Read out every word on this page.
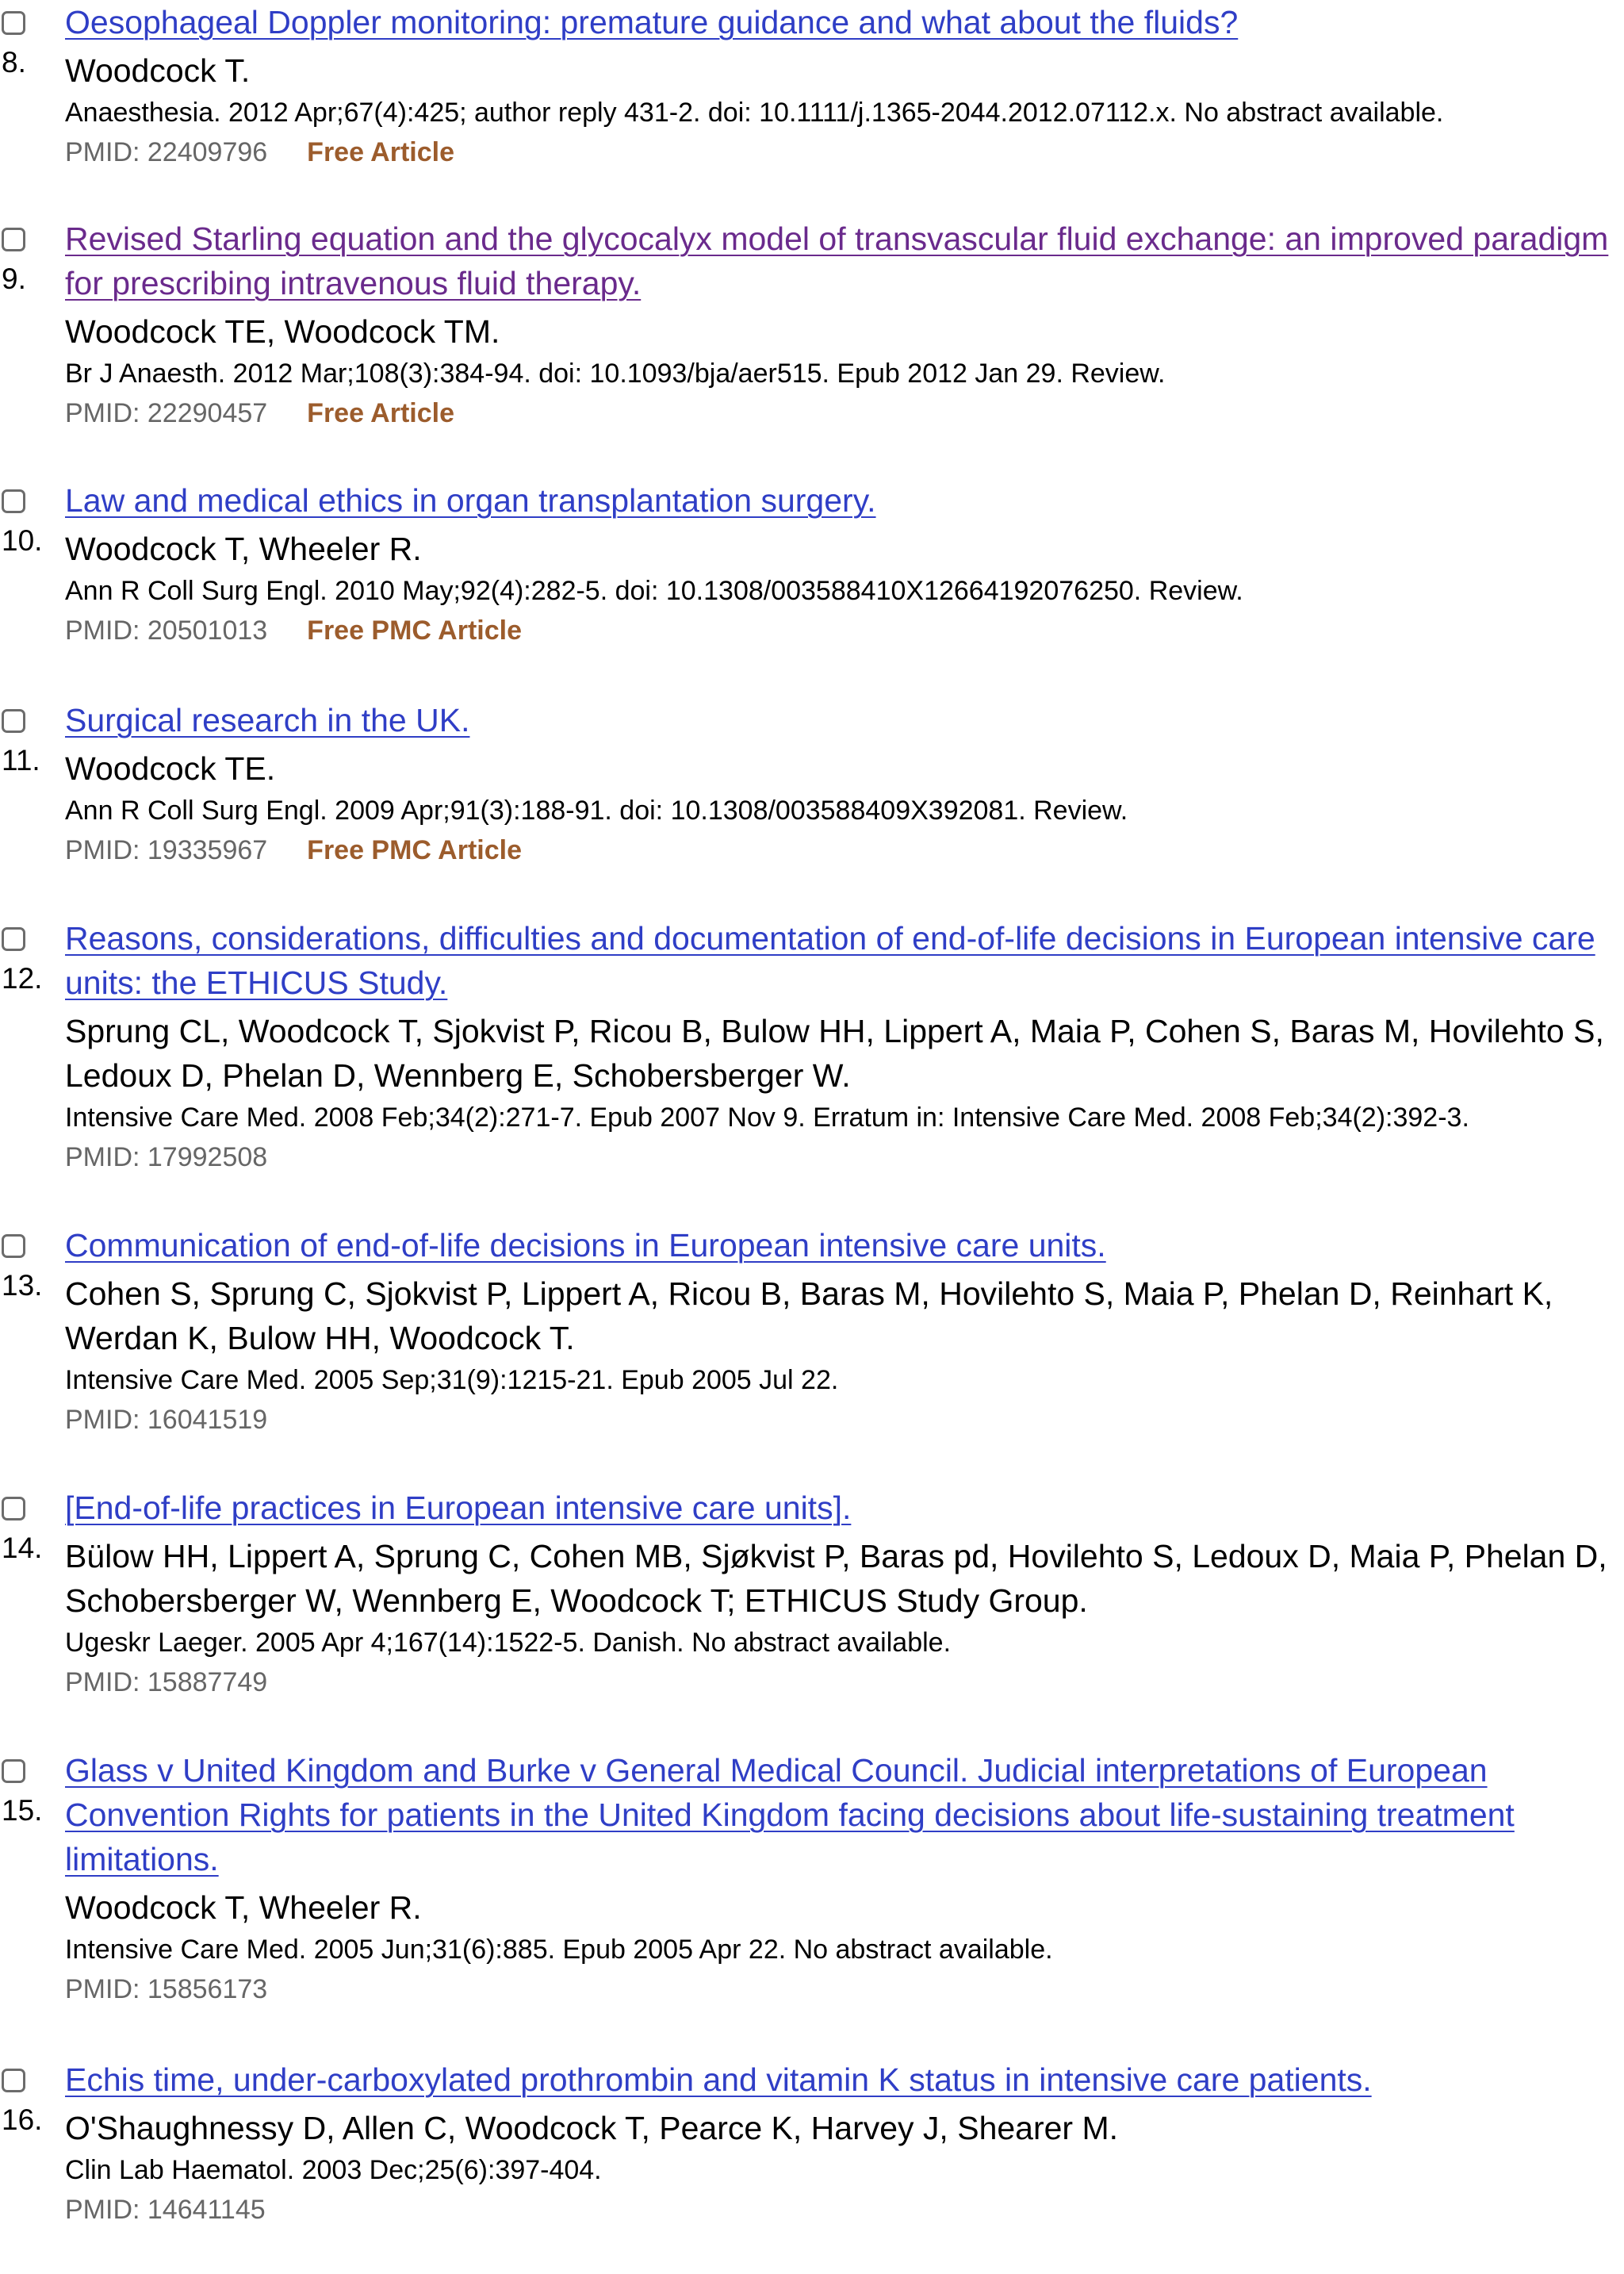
8.
Oesophageal Doppler monitoring: premature guidance and what about the fluids?
Woodcock T.
Anaesthesia. 2012 Apr;67(4):425; author reply 431-2. doi: 10.1111/j.1365-2044.2012.07112.x. No abstract available.
PMID: 22409796 Free Article
9.
Revised Starling equation and the glycocalyx model of transvascular fluid exchange: an improved paradigm for prescribing intravenous fluid therapy.
Woodcock TE, Woodcock TM.
Br J Anaesth. 2012 Mar;108(3):384-94. doi: 10.1093/bja/aer515. Epub 2012 Jan 29. Review.
PMID: 22290457 Free Article
10.
Law and medical ethics in organ transplantation surgery.
Woodcock T, Wheeler R.
Ann R Coll Surg Engl. 2010 May;92(4):282-5. doi: 10.1308/003588410X12664192076250. Review.
PMID: 20501013 Free PMC Article
11.
Surgical research in the UK.
Woodcock TE.
Ann R Coll Surg Engl. 2009 Apr;91(3):188-91. doi: 10.1308/003588409X392081. Review.
PMID: 19335967 Free PMC Article
12.
Reasons, considerations, difficulties and documentation of end-of-life decisions in European intensive care units: the ETHICUS Study.
Sprung CL, Woodcock T, Sjokvist P, Ricou B, Bulow HH, Lippert A, Maia P, Cohen S, Baras M, Hovilehto S, Ledoux D, Phelan D, Wennberg E, Schobersberger W.
Intensive Care Med. 2008 Feb;34(2):271-7. Epub 2007 Nov 9. Erratum in: Intensive Care Med. 2008 Feb;34(2):392-3.
PMID: 17992508
13.
Communication of end-of-life decisions in European intensive care units.
Cohen S, Sprung C, Sjokvist P, Lippert A, Ricou B, Baras M, Hovilehto S, Maia P, Phelan D, Reinhart K, Werdan K, Bulow HH, Woodcock T.
Intensive Care Med. 2005 Sep;31(9):1215-21. Epub 2005 Jul 22.
PMID: 16041519
14.
[End-of-life practices in European intensive care units].
Bülow HH, Lippert A, Sprung C, Cohen MB, Sjøkvist P, Baras pd, Hovilehto S, Ledoux D, Maia P, Phelan D, Schobersberger W, Wennberg E, Woodcock T; ETHICUS Study Group.
Ugeskr Laeger. 2005 Apr 4;167(14):1522-5. Danish. No abstract available.
PMID: 15887749
15.
Glass v United Kingdom and Burke v General Medical Council. Judicial interpretations of European Convention Rights for patients in the United Kingdom facing decisions about life-sustaining treatment limitations.
Woodcock T, Wheeler R.
Intensive Care Med. 2005 Jun;31(6):885. Epub 2005 Apr 22. No abstract available.
PMID: 15856173
16.
Echis time, under-carboxylated prothrombin and vitamin K status in intensive care patients.
O'Shaughnessy D, Allen C, Woodcock T, Pearce K, Harvey J, Shearer M.
Clin Lab Haematol. 2003 Dec;25(6):397-404.
PMID: 14641145
